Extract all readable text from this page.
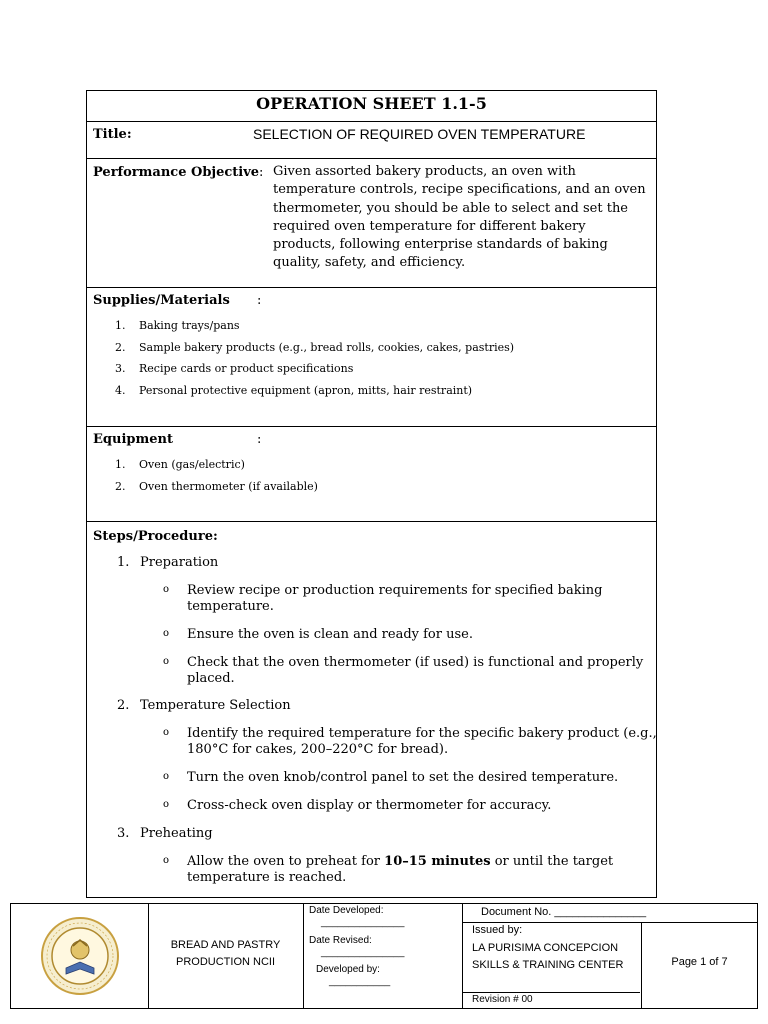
OPERATION SHEET 1.1-5
Title:	SELECTION OF REQUIRED OVEN TEMPERATURE
Performance Objective : Given assorted bakery products, an oven with temperature controls, recipe specifications, and an oven thermometer, you should be able to select and set the required oven temperature for different bakery products, following enterprise standards of baking quality, safety, and efficiency.
Supplies/Materials :
1. Baking trays/pans
2. Sample bakery products (e.g., bread rolls, cookies, cakes, pastries)
3. Recipe cards or product specifications
4. Personal protective equipment (apron, mitts, hair restraint)
Equipment	:
1. Oven (gas/electric)
2. Oven thermometer (if available)
Steps/Procedure:
1. Preparation
o Review recipe or production requirements for specified baking temperature.
o Ensure the oven is clean and ready for use.
o Check that the oven thermometer (if used) is functional and properly placed.
2. Temperature Selection
o Identify the required temperature for the specific bakery product (e.g., 180°C for cakes, 200–220°C for bread).
o Turn the oven knob/control panel to set the desired temperature.
o Cross-check oven display or thermometer for accuracy.
3. Preheating
o Allow the oven to preheat for 10–15 minutes or until the target temperature is reached.
BREAD AND PASTRY
PRODUCTION NCII
Date Developed:
_______________
Date Revised:
_______________
Developed by:
___________
Document No. _______________
Issued by:
LA PURISIMA CONCEPCION
SKILLS & TRAINING CENTER
Revision # 00
Page 1 of 7
